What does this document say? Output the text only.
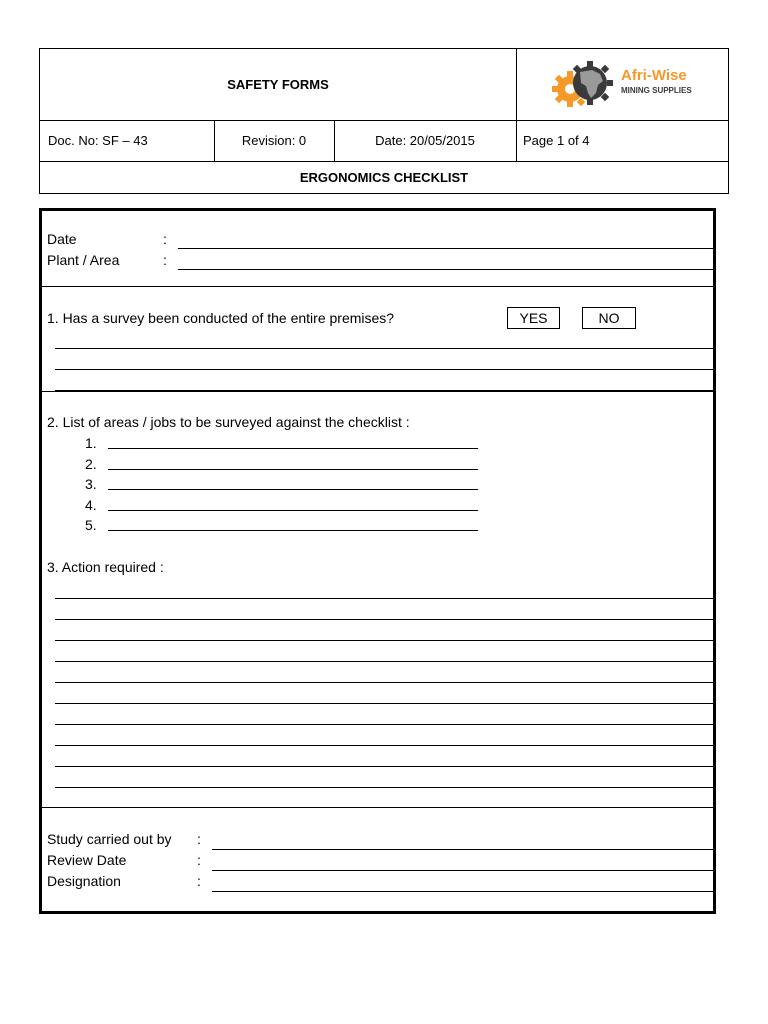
SAFETY FORMS
Afri-Wise
MINING SUPPLIES
Doc. No: SF – 43	Revision: 0	Date: 20/05/2015	Page 1 of 4
ERGONOMICS CHECKLIST
Date	:
Plant / Area	:
1. Has a survey been conducted of the entire premises?	YES	NO
2. List of areas / jobs to be surveyed against the checklist :
1.
2.
3.
4.
5.
3. Action required :
Study carried out by :
Review Date	:
Designation	:
